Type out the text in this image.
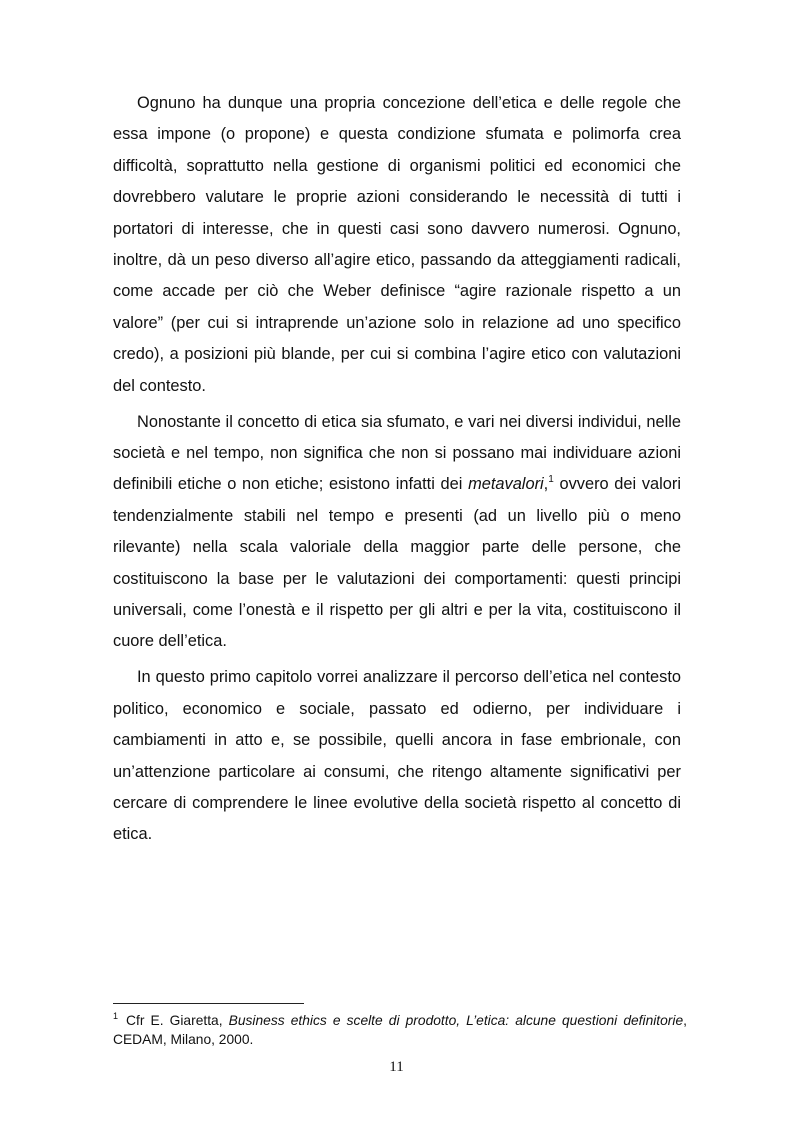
Ognuno ha dunque una propria concezione dell’etica e delle regole che essa impone (o propone) e questa condizione sfumata e polimorfa crea difficoltà, soprattutto nella gestione di organismi politici ed economici che dovrebbero valutare le proprie azioni considerando le necessità di tutti i portatori di interesse, che in questi casi sono davvero numerosi. Ognuno, inoltre, dà un peso diverso all’agire etico, passando da atteggiamenti radicali, come accade per ciò che Weber definisce “agire razionale rispetto a un valore” (per cui si intraprende un’azione solo in relazione ad uno specifico credo), a posizioni più blande, per cui si combina l’agire etico con valutazioni del contesto.

Nonostante il concetto di etica sia sfumato, e vari nei diversi individui, nelle società e nel tempo, non significa che non si possano mai individuare azioni definibili etiche o non etiche; esistono infatti dei metavalori,$^1$ ovvero dei valori tendenzialmente stabili nel tempo e presenti (ad un livello più o meno rilevante) nella scala valoriale della maggior parte delle persone, che costituiscono la base per le valutazioni dei comportamenti: questi principi universali, come l’onestà e il rispetto per gli altri e per la vita, costituiscono il cuore dell’etica.

In questo primo capitolo vorrei analizzare il percorso dell’etica nel contesto politico, economico e sociale, passato ed odierno, per individuare i cambiamenti in atto e, se possibile, quelli ancora in fase embrionale, con un’attenzione particolare ai consumi, che ritengo altamente significativi per cercare di comprendere le linee evolutive della società rispetto al concetto di etica.

$^1$ Cfr E. Giaretta, Business ethics e scelte di prodotto, L’etica: alcune questioni definitorie, CEDAM, Milano, 2000.
11
